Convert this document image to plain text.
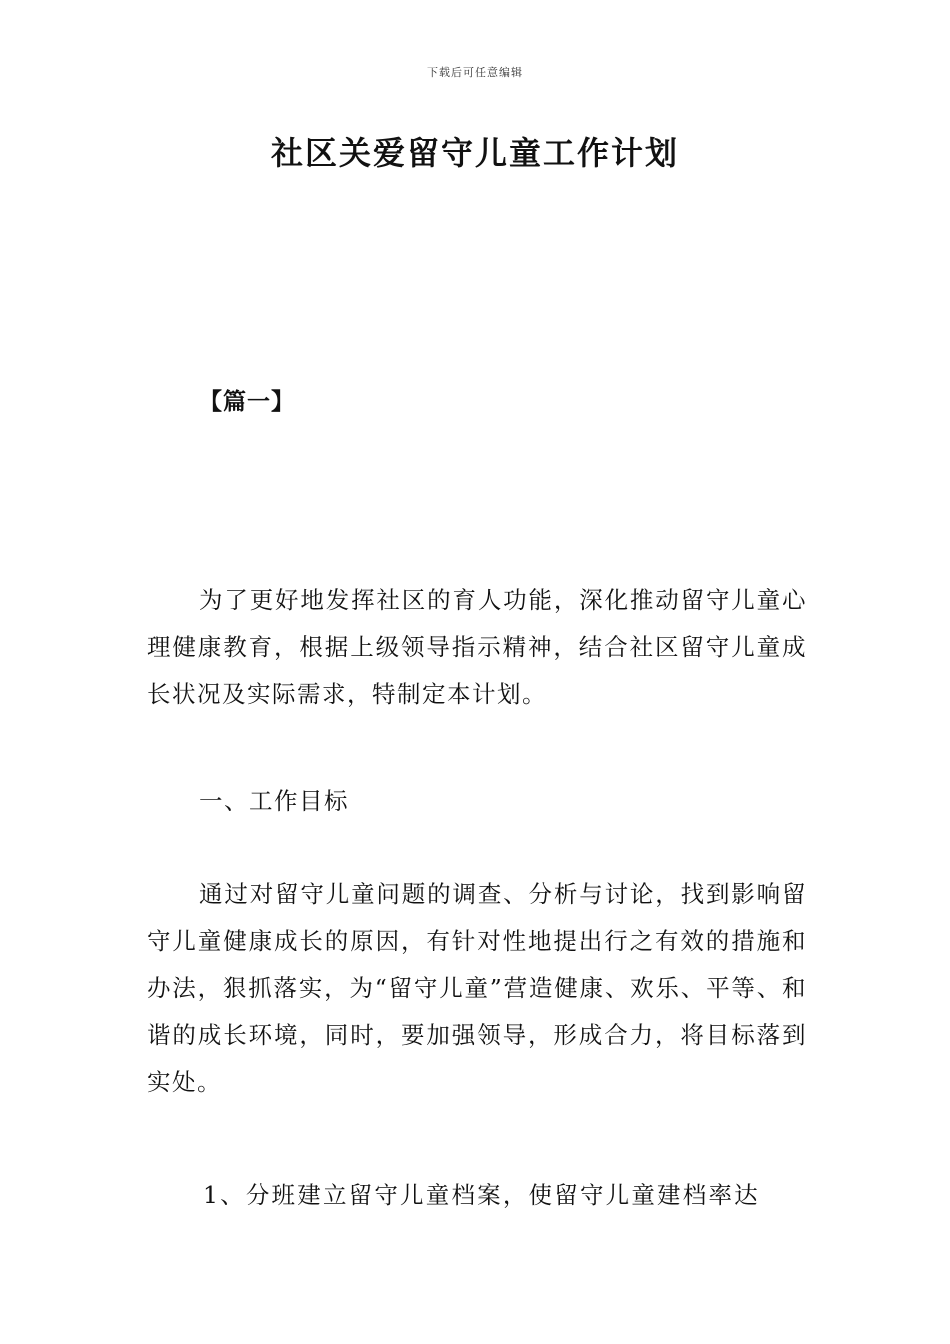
下载后可任意编辑
社区关爱留守儿童工作计划
【篇一】

为了更好地发挥社区的育人功能，深化推动留守儿童心理健康教育，根据上级领导指示精神，结合社区留守儿童成长状况及实际需求，特制定本计划。

一、工作目标

通过对留守儿童问题的调查、分析与讨论，找到影响留守儿童健康成长的原因，有针对性地提出行之有效的措施和办法，狠抓落实，为“留守儿童”营造健康、欢乐、平等、和谐的成长环境，同时，要加强领导，形成合力，将目标落到实处。

1、分班建立留守儿童档案，使留守儿童建档率达
